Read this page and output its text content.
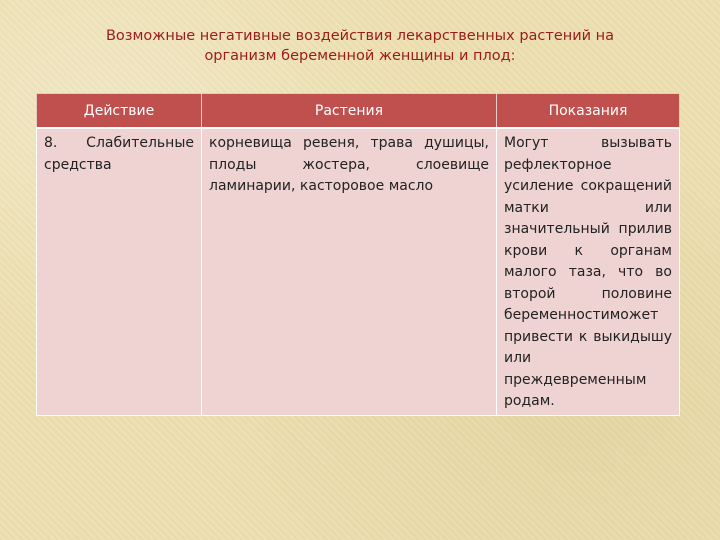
Возможные негативные воздействия лекарственных растений на
организм беременной женщины и плод:
Действие	Растения	Показания
8. Слабительные средства	корневища ревеня, трава душицы, плоды жостера, слоевище ламинарии, касторовое масло	Могут вызывать рефлекторное усиление сокращений матки или значительный прилив крови к органам малого таза, что во второй половине беременностиможет привести к выкидышу или преждевременным родам.
